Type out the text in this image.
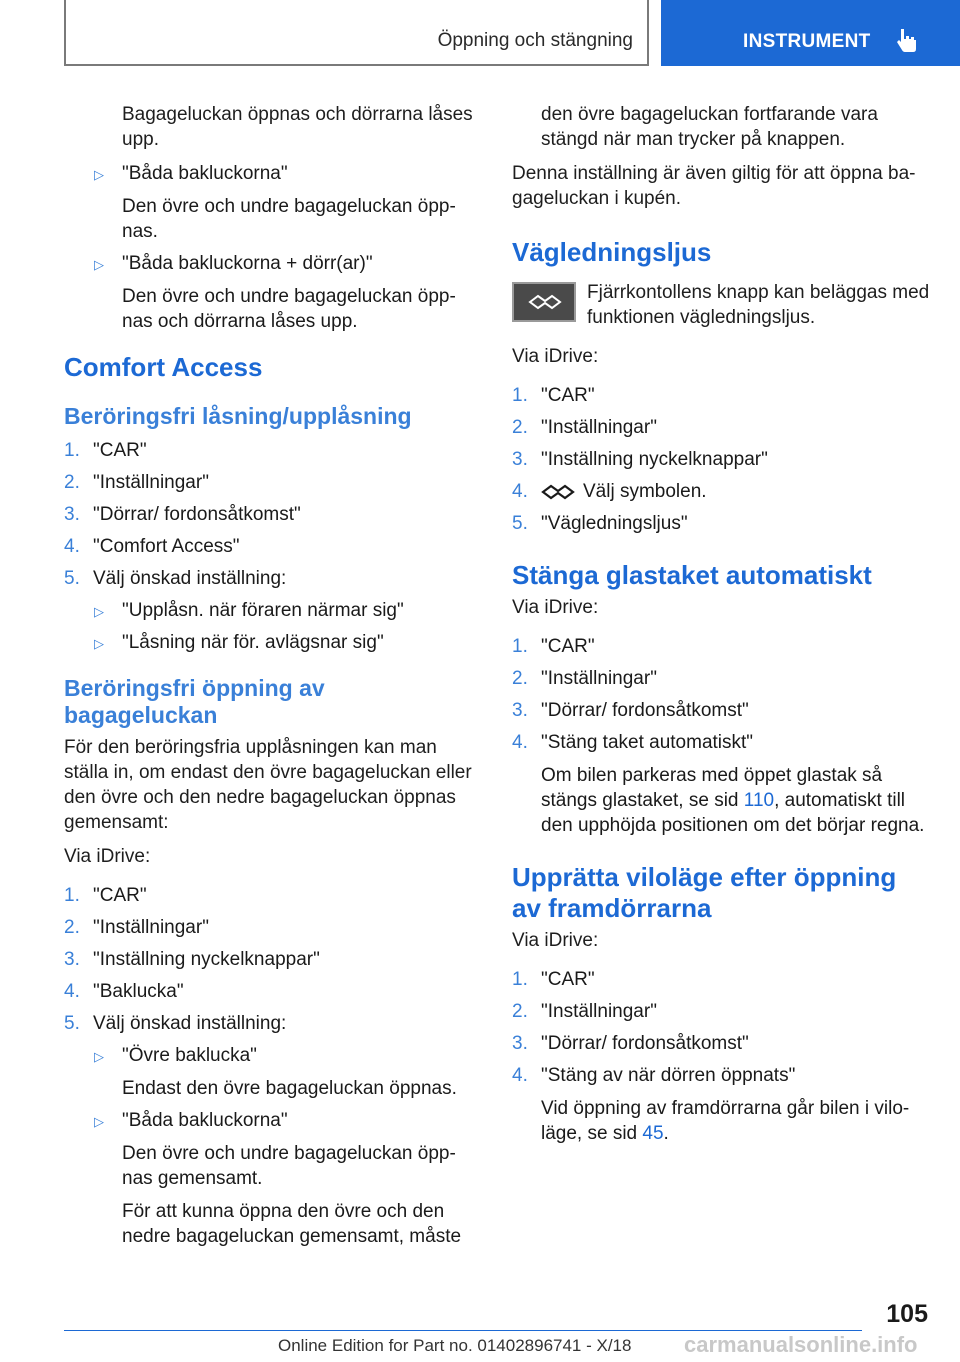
Öppning och stängning	INSTRUMENT
Bagageluckan öppnas och dörrarna låses upp.
▷ "Båda bakluckorna"
Den övre och undre bagageluckan öpp-nas.
▷ "Båda bakluckorna + dörr(ar)"
Den övre och undre bagageluckan öpp-nas och dörrarna låses upp.
Comfort Access
Beröringsfri låsning/upplåsning
1. "CAR"
2. "Inställningar"
3. "Dörrar/ fordonsåtkomst"
4. "Comfort Access"
5. Välj önskad inställning:
▷ "Upplåsn. när föraren närmar sig"
▷ "Låsning när för. avlägsnar sig"
Beröringsfri öppning av bagageluckan
För den beröringsfria upplåsningen kan man ställa in, om endast den övre bagageluckan eller den övre och den nedre bagageluckan öppnas gemensamt:
Via iDrive:
1. "CAR"
2. "Inställningar"
3. "Inställning nyckelknappar"
4. "Baklucka"
5. Välj önskad inställning:
▷ "Övre baklucka"
Endast den övre bagageluckan öppnas.
▷ "Båda bakluckorna"
Den övre och undre bagageluckan öpp-nas gemensamt.
För att kunna öppna den övre och den nedre bagageluckan gemensamt, måste
den övre bagageluckan fortfarande vara stängd när man trycker på knappen.
Denna inställning är även giltig för att öppna ba-gageluckan i kupén.
Vägledningsljus
Fjärrkontollens knapp kan beläggas med funktionen vägledningsljus.
Via iDrive:
1. "CAR"
2. "Inställningar"
3. "Inställning nyckelknappar"
4.	Välj symbolen.
5. "Vägledningsljus"
Stänga glastaket automatiskt
Via iDrive:
1. "CAR"
2. "Inställningar"
3. "Dörrar/ fordonsåtkomst"
4. "Stäng taket automatiskt"
Om bilen parkeras med öppet glastak så stängs glastaket, se sid 110, automatiskt till den upphöjda positionen om det börjar regna.
Upprätta viloläge efter öppning av framdörrarna
Via iDrive:
1. "CAR"
2. "Inställningar"
3. "Dörrar/ fordonsåtkomst"
4. "Stäng av när dörren öppnats"
Vid öppning av framdörrarna går bilen i vilo-läge, se sid 45.
105
Online Edition for Part no. 01402896741 - X/18 carmanualsonline.info
